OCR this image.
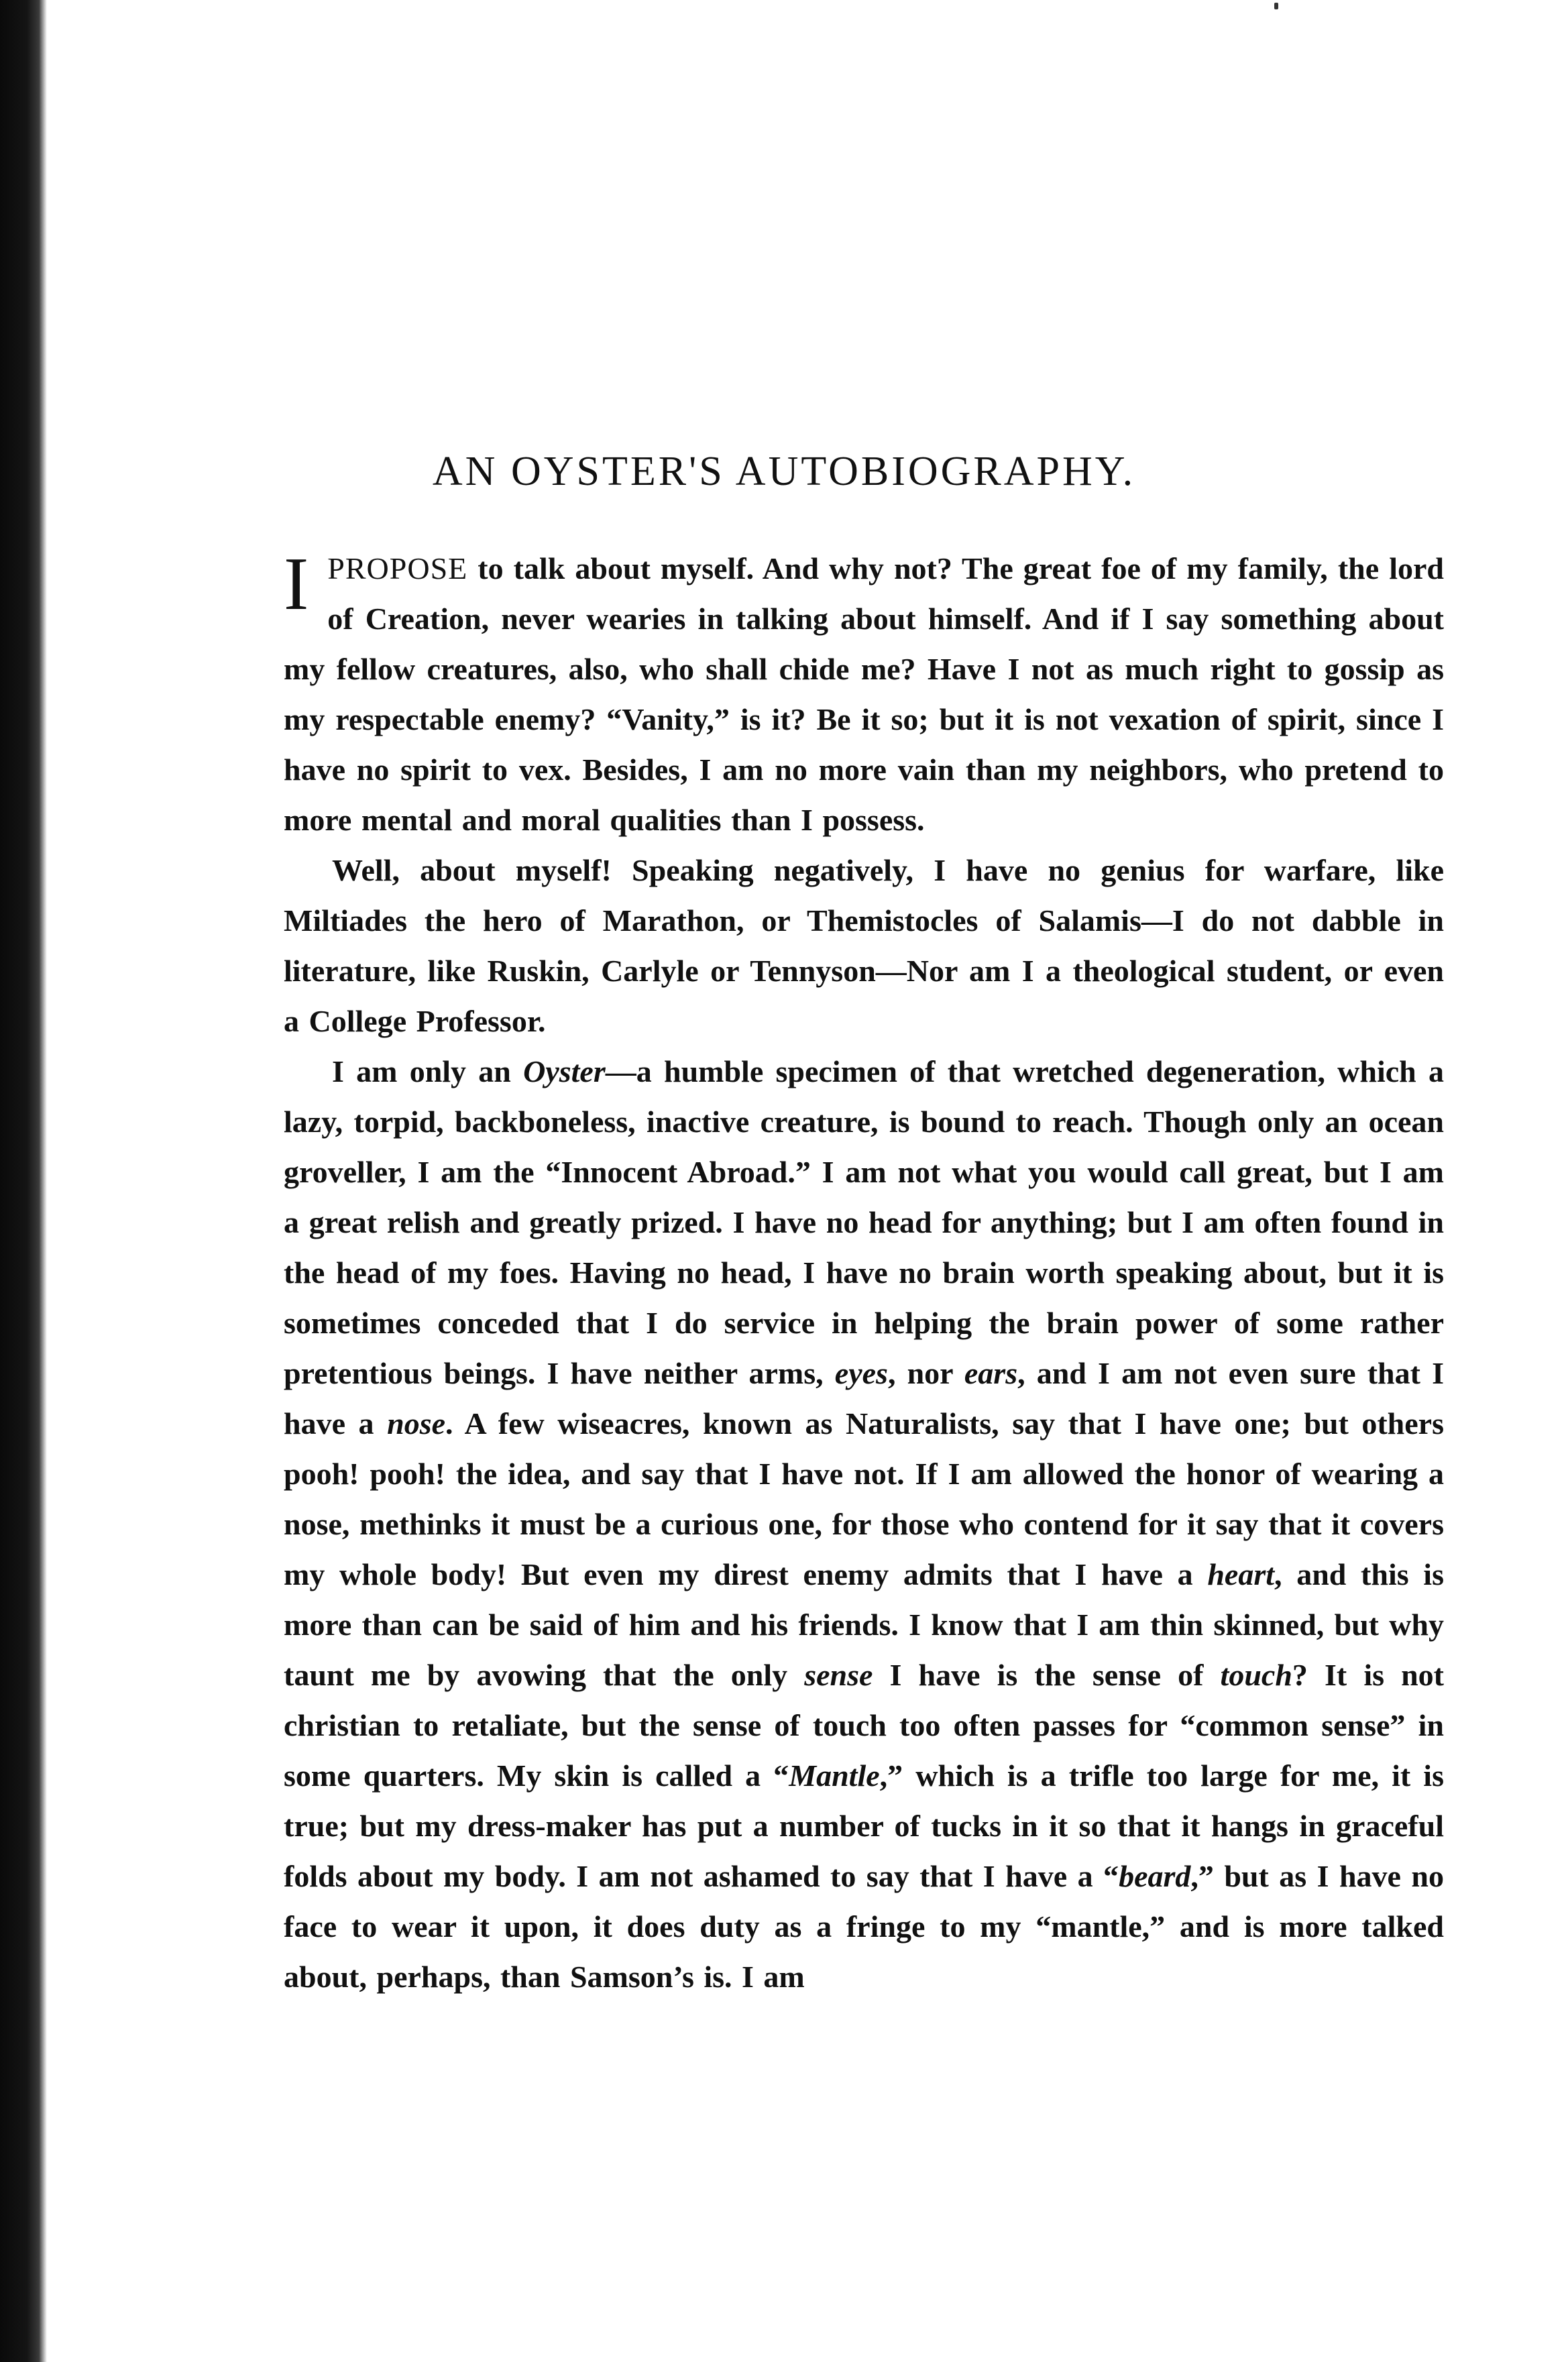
AN OYSTER'S AUTOBIOGRAPHY.

IPROPOSE to talk about myself. And why not? The great foe of my family, the lord of Creation, never wearies in talking about himself. And if I say something about my fellow creatures, also, who shall chide me? Have I not as much right to gossip as my respectable enemy? “Vanity,” is it? Be it so; but it is not vexation of spirit, since I have no spirit to vex. Besides, I am no more vain than my neighbors, who pretend to more mental and moral qualities than I possess.

Well, about myself! Speaking negatively, I have no genius for warfare, like Miltiades the hero of Marathon, or Themistocles of Salamis—I do not dabble in literature, like Ruskin, Carlyle or Tennyson—Nor am I a theological student, or even a College Professor.

I am only an Oyster—a humble specimen of that wretched degeneration, which a lazy, torpid, backboneless, inactive creature, is bound to reach. Though only an ocean groveller, I am the “Innocent Abroad.” I am not what you would call great, but I am a great relish and greatly prized. I have no head for anything; but I am often found in the head of my foes. Having no head, I have no brain worth speaking about, but it is sometimes conceded that I do service in helping the brain power of some rather pretentious beings. I have neither arms, eyes, nor ears, and I am not even sure that I have a nose. A few wiseacres, known as Naturalists, say that I have one; but others pooh! pooh! the idea, and say that I have not. If I am allowed the honor of wearing a nose, methinks it must be a curious one, for those who contend for it say that it covers my whole body! But even my direst enemy admits that I have a heart, and this is more than can be said of him and his friends. I know that I am thin skinned, but why taunt me by avowing that the only sense I have is the sense of touch? It is not christian to retaliate, but the sense of touch too often passes for “common sense” in some quarters. My skin is called a “Mantle,” which is a trifle too large for me, it is true; but my dress-maker has put a number of tucks in it so that it hangs in graceful folds about my body. I am not ashamed to say that I have a “beard,” but as I have no face to wear it upon, it does duty as a fringe to my “mantle,” and is more talked about, perhaps, than Samson’s is. I am
